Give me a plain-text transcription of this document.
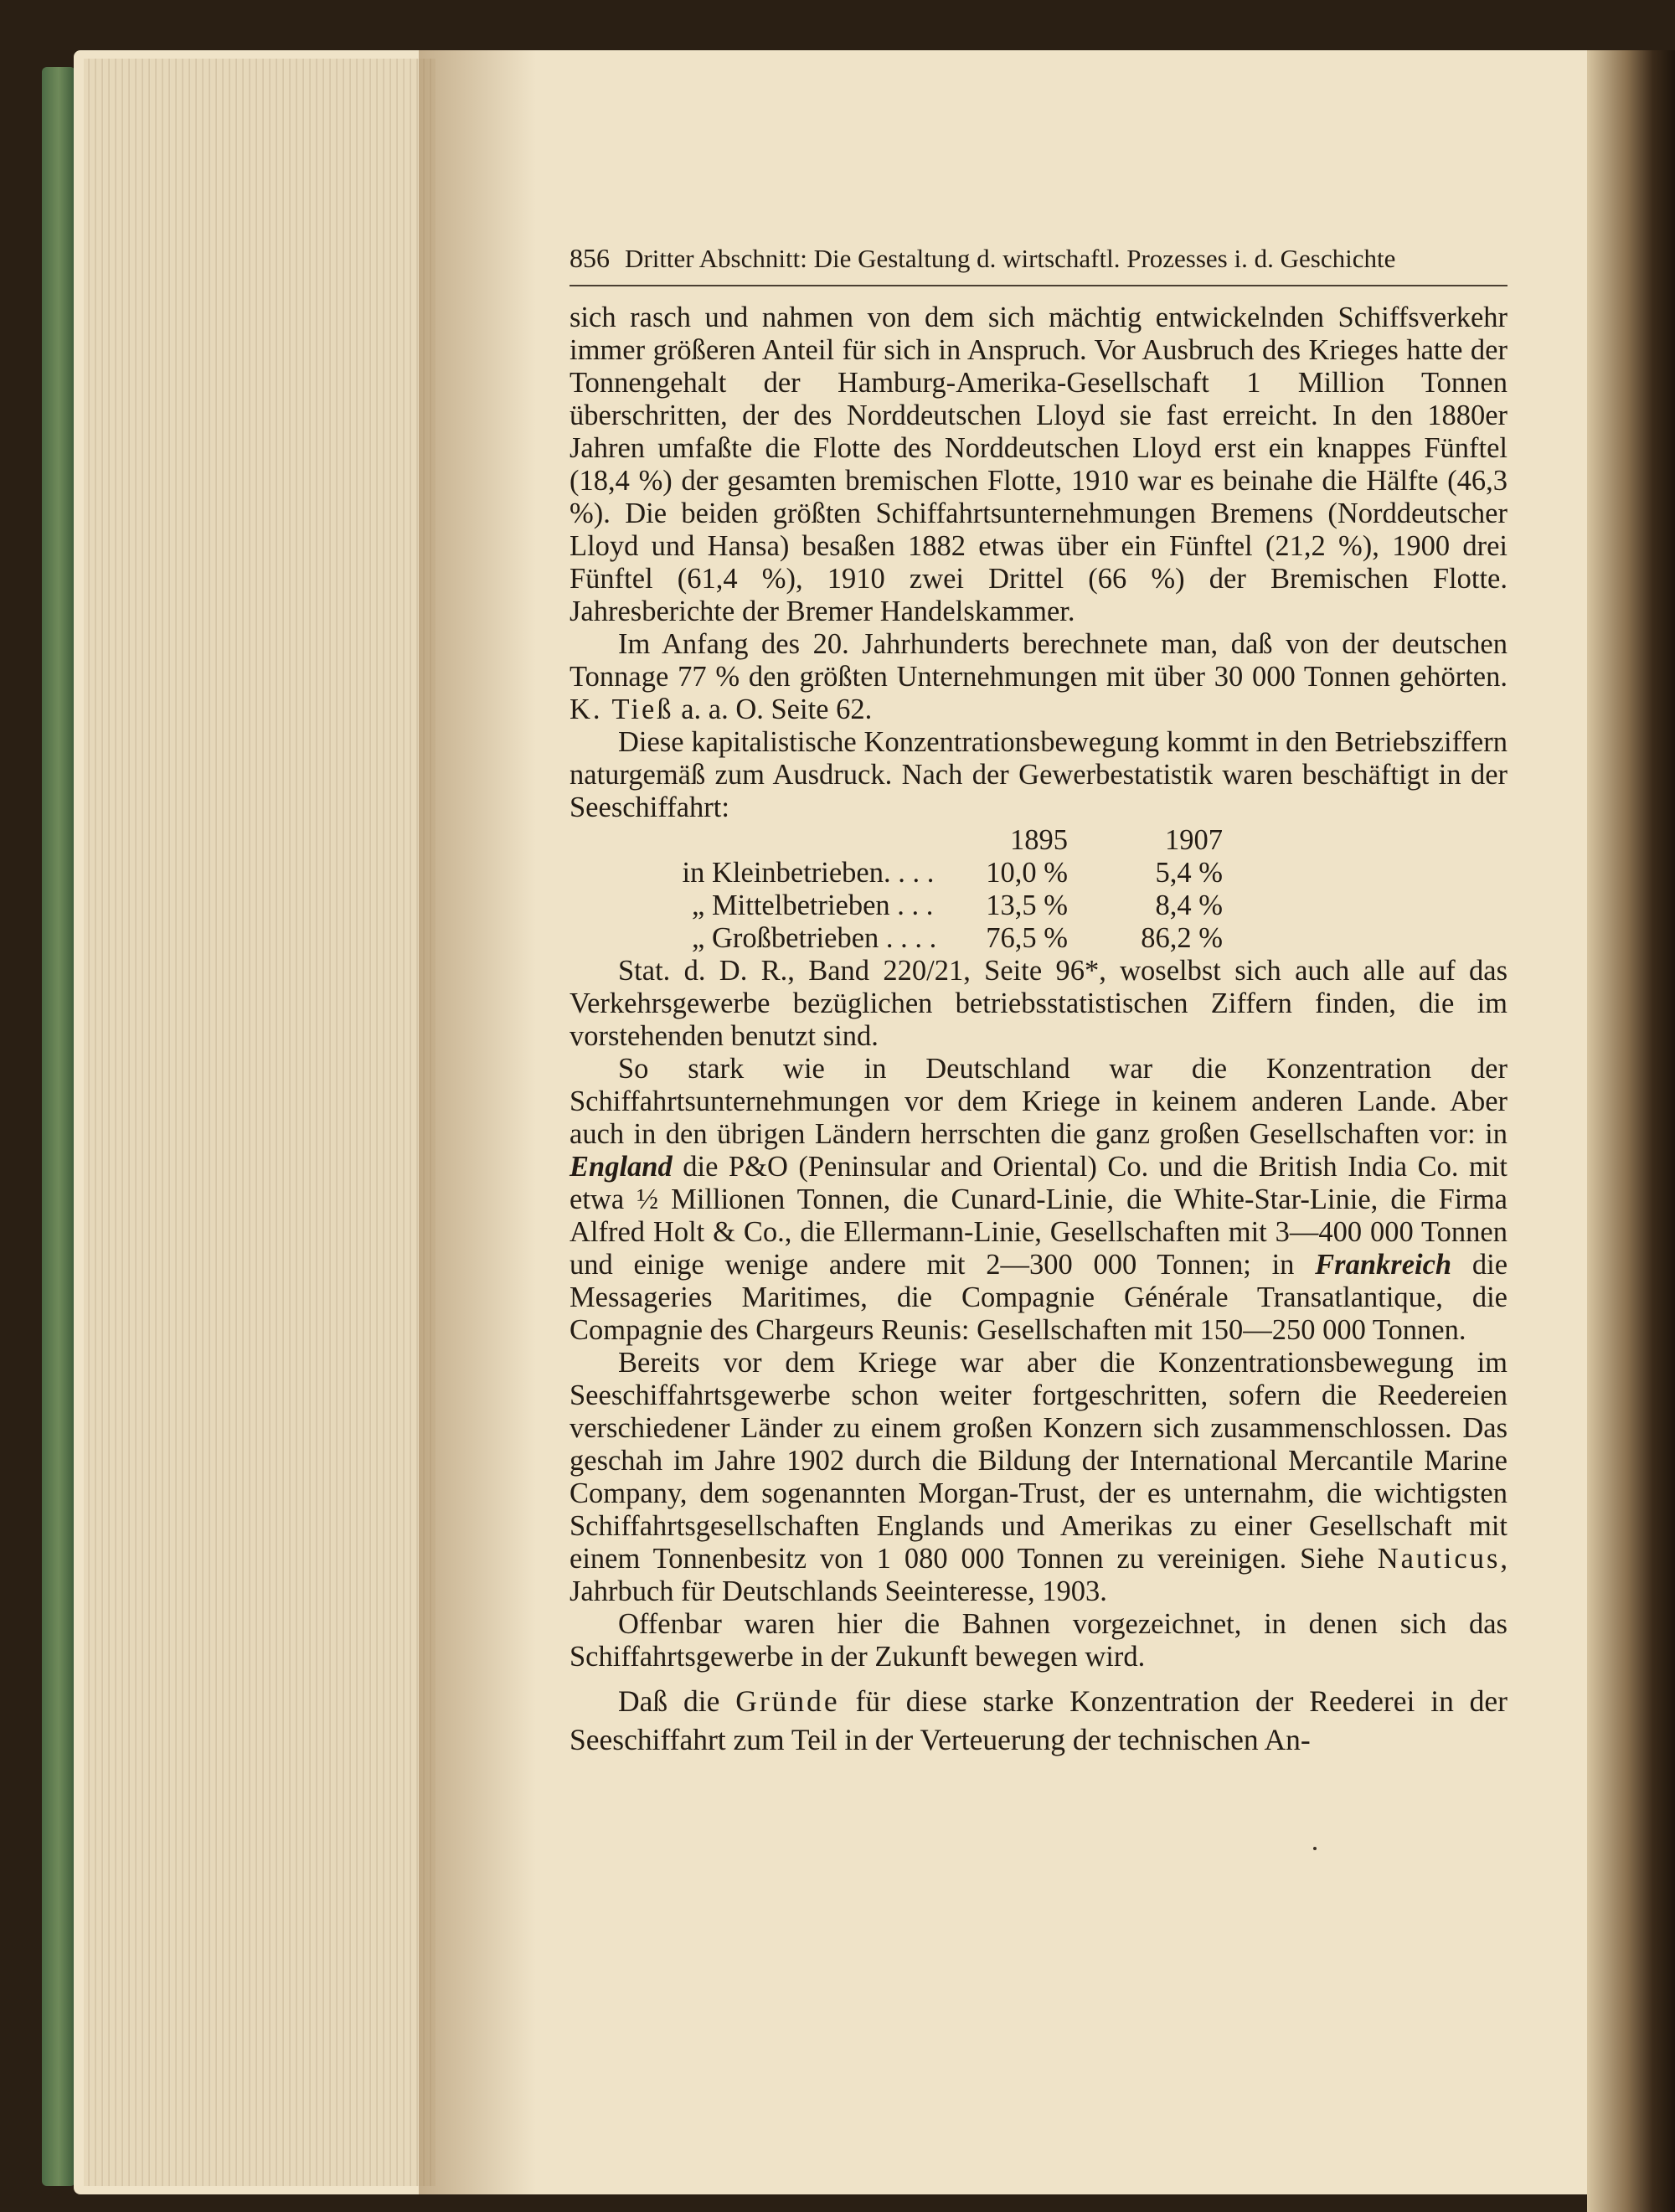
856 Dritter Abschnitt: Die Gestaltung d. wirtschaftl. Prozesses i. d. Geschichte

sich rasch und nahmen von dem sich mächtig entwickelnden Schiffsverkehr immer größeren Anteil für sich in Anspruch. Vor Ausbruch des Krieges hatte der Tonnengehalt der Hamburg-Amerika-Gesellschaft 1 Million Tonnen überschritten, der des Norddeutschen Lloyd sie fast erreicht. In den 1880er Jahren umfaßte die Flotte des Norddeutschen Lloyd erst ein knappes Fünftel (18,4 %) der gesamten bremischen Flotte, 1910 war es beinahe die Hälfte (46,3 %). Die beiden größten Schiffahrtsunternehmungen Bremens (Norddeutscher Lloyd und Hansa) besaßen 1882 etwas über ein Fünftel (21,2 %), 1900 drei Fünftel (61,4 %), 1910 zwei Drittel (66 %) der Bremischen Flotte. Jahresberichte der Bremer Handelskammer.

Im Anfang des 20. Jahrhunderts berechnete man, daß von der deutschen Tonnage 77 % den größten Unternehmungen mit über 30 000 Tonnen gehörten. K. Tieß a. a. O. Seite 62.

Diese kapitalistische Konzentrationsbewegung kommt in den Betriebsziffern naturgemäß zum Ausdruck. Nach der Gewerbestatistik waren beschäftigt in der Seeschiffahrt:

	1895	1907
in Kleinbetrieben. . . .	10,0 %	5,4 %
„ Mittelbetrieben . . .	13,5 %	8,4 %
„ Großbetrieben . . . .	76,5 %	86,2 %

Stat. d. D. R., Band 220/21, Seite 96*, woselbst sich auch alle auf das Verkehrsgewerbe bezüglichen betriebsstatistischen Ziffern finden, die im vorstehenden benutzt sind.

So stark wie in Deutschland war die Konzentration der Schiffahrtsunternehmungen vor dem Kriege in keinem anderen Lande. Aber auch in den übrigen Ländern herrschten die ganz großen Gesellschaften vor: in England die P&O (Peninsular and Oriental) Co. und die British India Co. mit etwa ½ Millionen Tonnen, die Cunard-Linie, die White-Star-Linie, die Firma Alfred Holt & Co., die Ellermann-Linie, Gesellschaften mit 3—400 000 Tonnen und einige wenige andere mit 2—300 000 Tonnen; in Frankreich die Messageries Maritimes, die Compagnie Générale Transatlantique, die Compagnie des Chargeurs Reunis: Gesellschaften mit 150—250 000 Tonnen.

Bereits vor dem Kriege war aber die Konzentrationsbewegung im Seeschiffahrtsgewerbe schon weiter fortgeschritten, sofern die Reedereien verschiedener Länder zu einem großen Konzern sich zusammenschlossen. Das geschah im Jahre 1902 durch die Bildung der International Mercantile Marine Company, dem sogenannten Morgan-Trust, der es unternahm, die wichtigsten Schiffahrtsgesellschaften Englands und Amerikas zu einer Gesellschaft mit einem Tonnenbesitz von 1 080 000 Tonnen zu vereinigen. Siehe Nauticus, Jahrbuch für Deutschlands Seeinteresse, 1903.

Offenbar waren hier die Bahnen vorgezeichnet, in denen sich das Schiffahrtsgewerbe in der Zukunft bewegen wird.

Daß die Gründe für diese starke Konzentration der Reederei in der Seeschiffahrt zum Teil in der Verteuerung der technischen An-
